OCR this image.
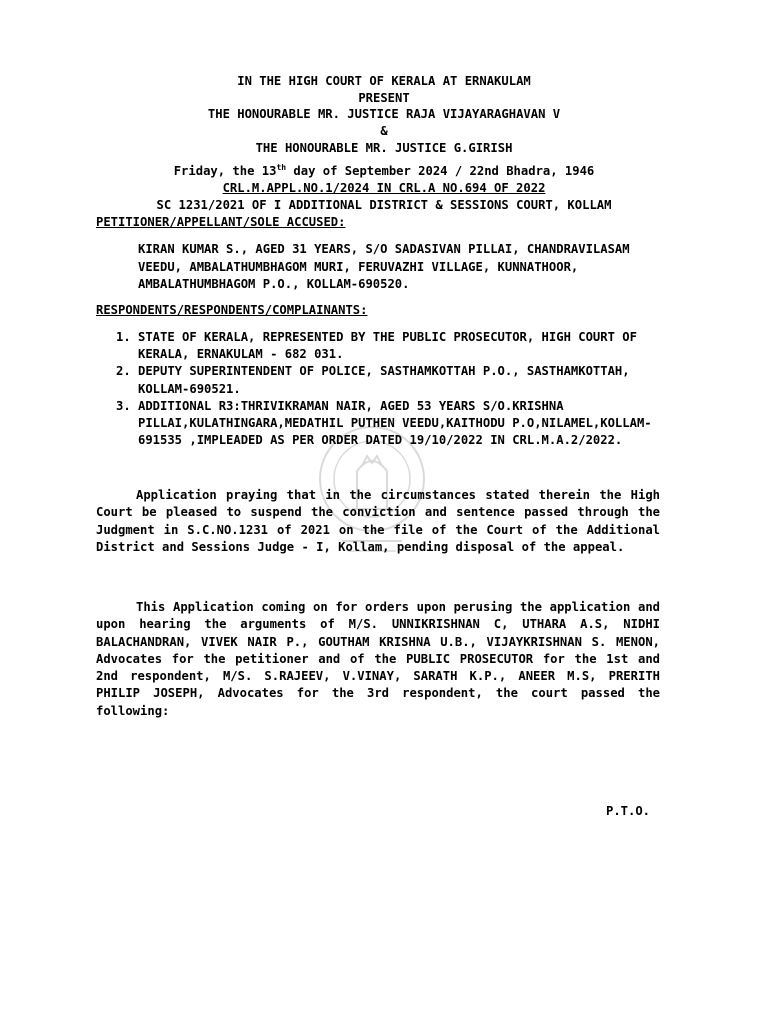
IN THE HIGH COURT OF KERALA AT ERNAKULAM
PRESENT
THE HONOURABLE MR. JUSTICE RAJA VIJAYARAGHAVAN V
&
THE HONOURABLE MR. JUSTICE G.GIRISH
Friday, the 13th day of September 2024 / 22nd Bhadra, 1946
CRL.M.APPL.NO.1/2024 IN CRL.A NO.694 OF 2022
SC 1231/2021 OF I ADDITIONAL DISTRICT & SESSIONS COURT, KOLLAM
PETITIONER/APPELLANT/SOLE ACCUSED:
KIRAN KUMAR S., AGED 31 YEARS, S/O SADASIVAN PILLAI, CHANDRAVILASAM VEEDU, AMBALATHUMBHAGOM MURI, FERUVAZHI VILLAGE, KUNNATHOOR, AMBALATHUMBHAGOM P.O., KOLLAM-690520.
RESPONDENTS/RESPONDENTS/COMPLAINANTS:
1. STATE OF KERALA, REPRESENTED BY THE PUBLIC PROSECUTOR, HIGH COURT OF KERALA, ERNAKULAM - 682 031.
2. DEPUTY SUPERINTENDENT OF POLICE, SASTHAMKOTTAH P.O., SASTHAMKOTTAH, KOLLAM-690521.
3. ADDITIONAL R3:THRIVIKRAMAN NAIR, AGED 53 YEARS S/O.KRISHNA PILLAI,KULATHINGARA,MEDATHIL PUTHEN VEEDU,KAITHODU P.O,NILAMEL,KOLLAM-691535 ,IMPLEADED AS PER ORDER DATED 19/10/2022 IN CRL.M.A.2/2022.

Application praying that in the circumstances stated therein the High Court be pleased to suspend the conviction and sentence passed through the Judgment in S.C.NO.1231 of 2021 on the file of the Court of the Additional District and Sessions Judge - I, Kollam, pending disposal of the appeal.

This Application coming on for orders upon perusing the application and upon hearing the arguments of M/S. UNNIKRISHNAN C, UTHARA A.S, NIDHI BALACHANDRAN, VIVEK NAIR P., GOUTHAM KRISHNA U.B., VIJAYKRISHNAN S. MENON, Advocates for the petitioner and of the PUBLIC PROSECUTOR for the 1st and 2nd respondent, M/S. S.RAJEEV, V.VINAY, SARATH K.P., ANEER M.S, PRERITH PHILIP JOSEPH, Advocates for the 3rd respondent, the court passed the following:

P.T.O.
